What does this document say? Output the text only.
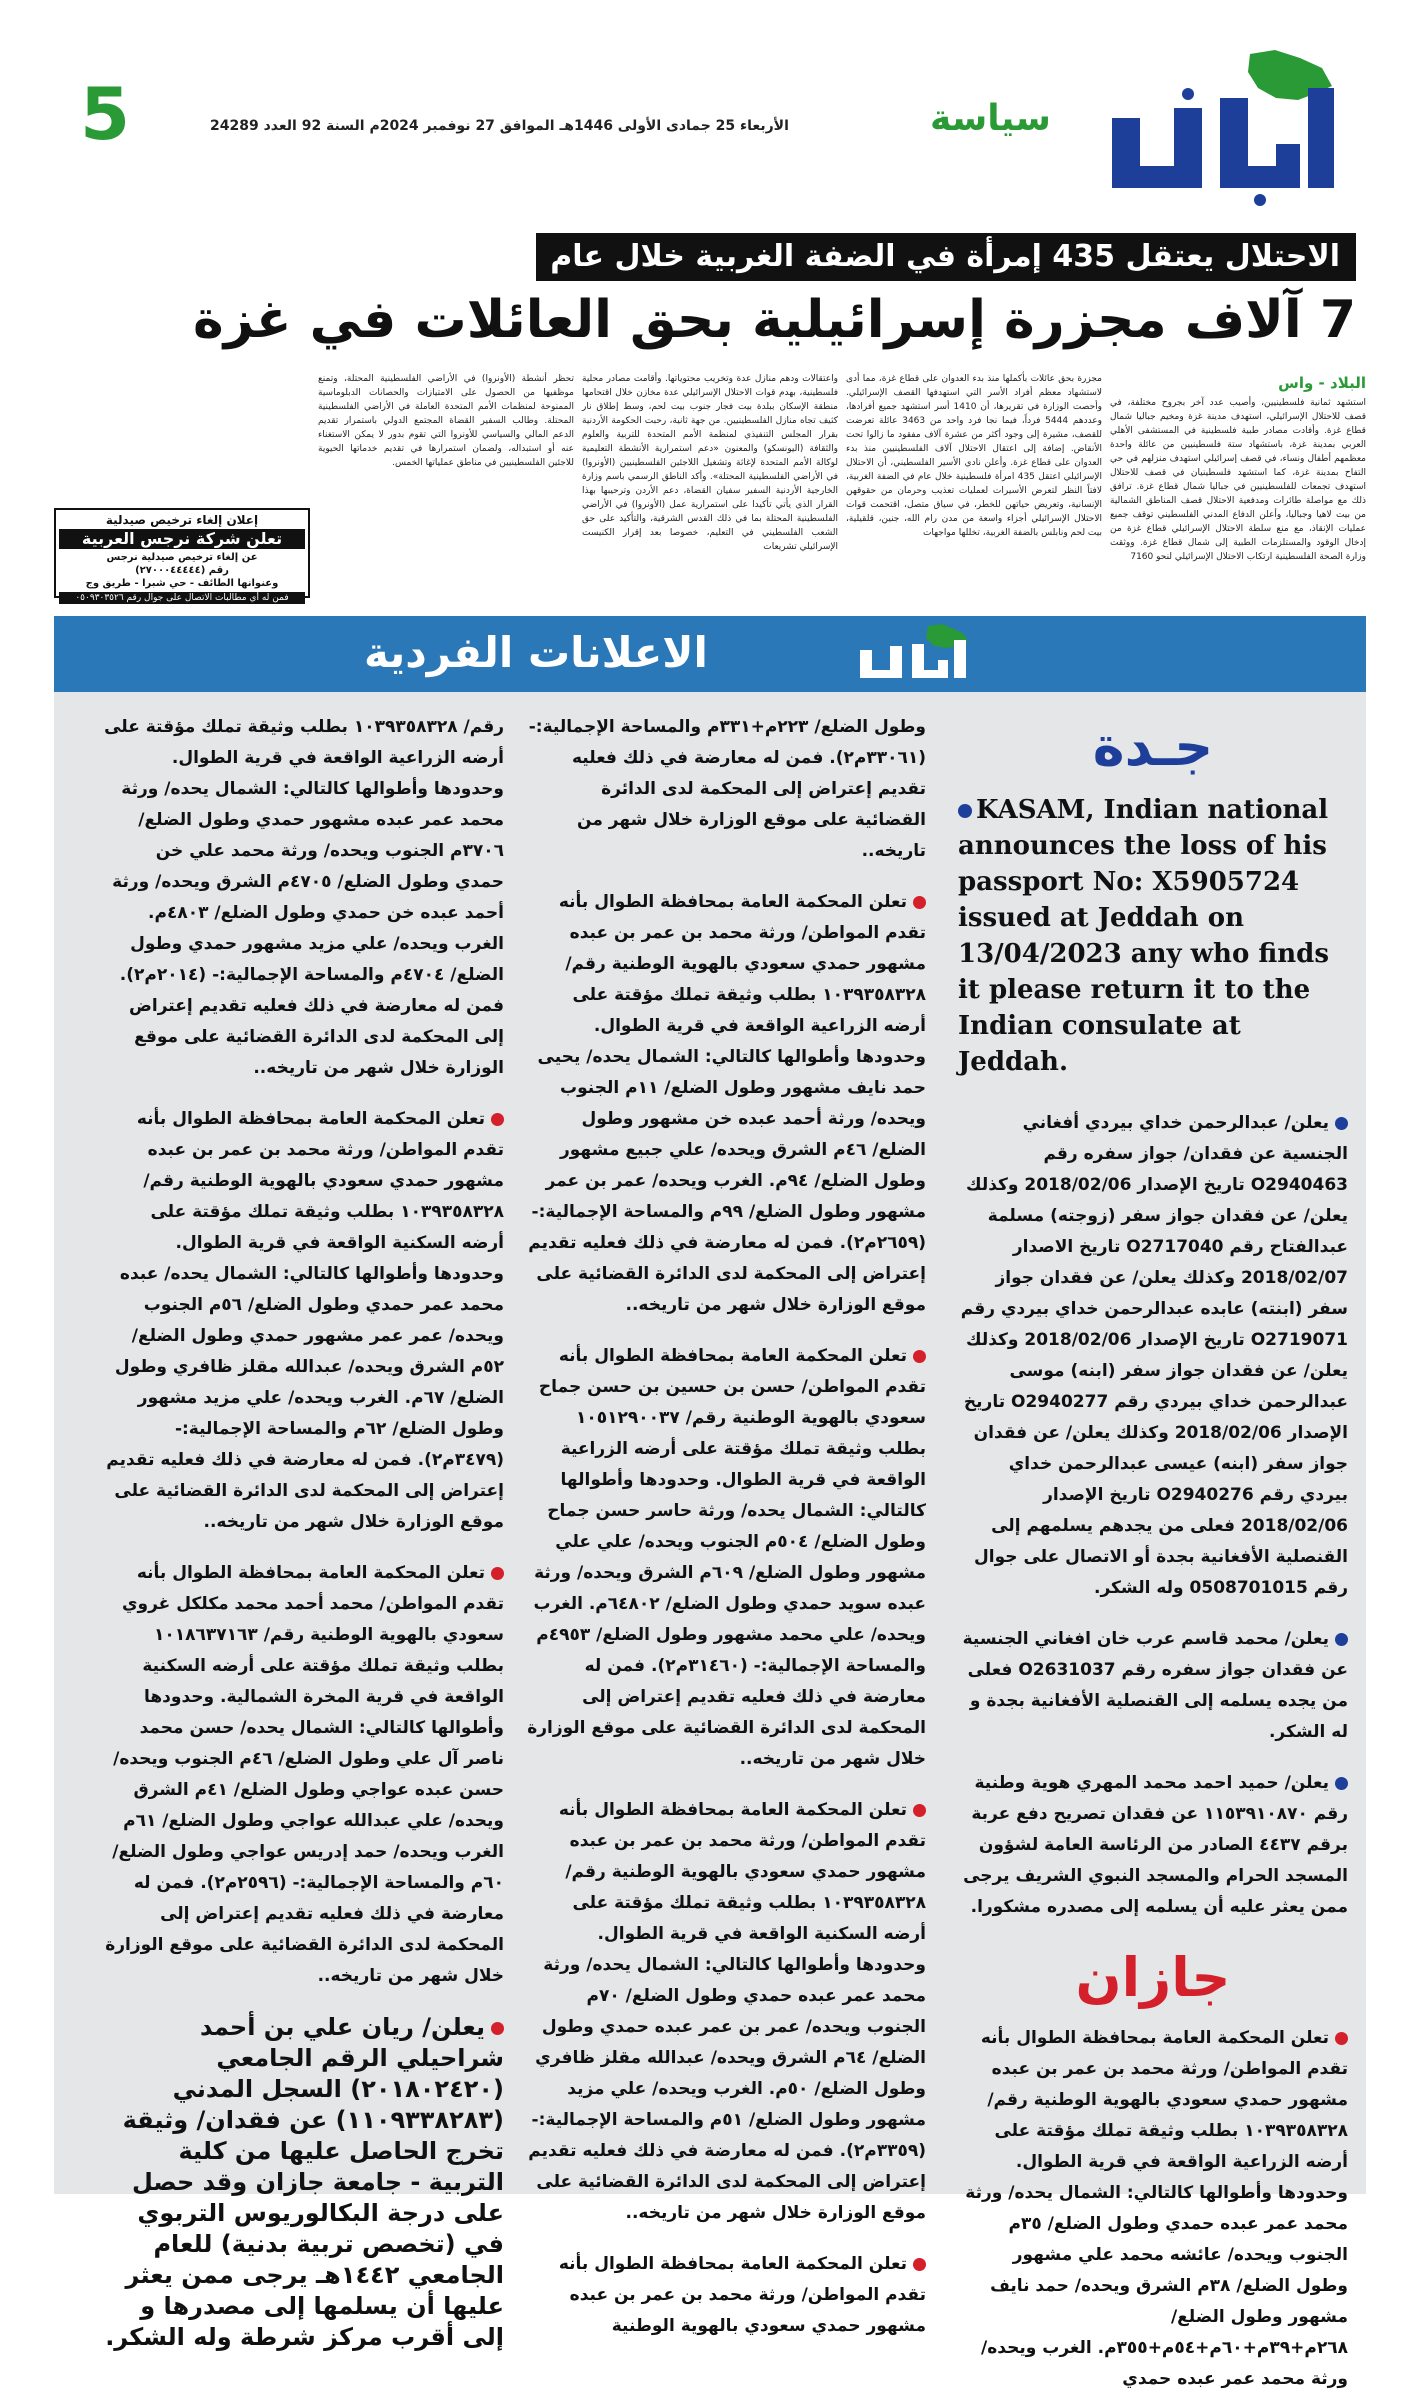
سياسة
الأربعاء 25 جمادى الأولى 1446هـ الموافق 27 نوفمبر 2024م السنة 92 العدد 24289
5
الاحتلال يعتقل 435 إمرأة في الضفة الغربية خلال عام
7 آلاف مجزرة إسرائيلية بحق العائلات في غزة
البلاد - واس
استشهد ثمانية فلسطينيين، وأصيب عدد آخر بجروح مختلفة، في قصف للاحتلال الإسرائيلي، استهدف مدينة غزة ومخيم جباليا شمال قطاع غزة. وأفادت مصادر طبية فلسطينية في المستشفى الأهلي العربي بمدينة غزة، باستشهاد ستة فلسطينيين من عائلة واحدة معظمهم أطفال ونساء، في قصف إسرائيلي استهدف منزلهم في حي التفاح بمدينة غزة، كما استشهد فلسطينيان في قصف للاحتلال استهدف تجمعات للفلسطينيين في جباليا شمال قطاع غزة. ترافق ذلك مع مواصلة طائرات ومدفعية الاحتلال قصف المناطق الشمالية من بيت لاهيا وجباليا، وأعلن الدفاع المدني الفلسطيني توقف جميع عمليات الإنقاذ، مع منع سلطة الاحتلال الإسرائيلي قطاع غزة من إدخال الوقود والمستلزمات الطبية إلى شمال قطاع غزة. ووثقت وزارة الصحة الفلسطينية ارتكاب الاحتلال الإسرائيلي لنحو 7160
مجزرة بحق عائلات بأكملها منذ بدء العدوان على قطاع غزة، مما أدى لاستشهاد معظم أفراد الأسر التي استهدفها القصف الإسرائيلي. وأحصت الوزارة في تقريرها، أن 1410 أسر استشهد جميع أفرادها، وعددهم 5444 فرداً، فيما نجا فرد واحد من 3463 عائلة تعرضت للقصف، مشيرة إلى وجود أكثر من عشرة آلاف مفقود ما زالوا تحت الأنقاض. إضافة إلى اعتقال الاحتلال آلاف الفلسطينيين منذ بدء العدوان على قطاع غزة. وأعلن نادي الأسير الفلسطيني، أن الاحتلال الإسرائيلي اعتقل 435 امرأة فلسطينية خلال عام في الضفة الغربية، لافتاً النظر لتعرض الأسيرات لعمليات تعذيب وحرمان من حقوقهن الإنسانية، وتعريض حياتهن للخطر، في سياق متصل، اقتحمت قوات الاحتلال الإسرائيلي أجزاء واسعة من مدن رام الله، جنين، قلقيلية، بيت لحم ونابلس بالضفة الغربية، تخللها مواجهات
واعتقالات ودهم منازل عدة وتخريب محتوياتها. وأقامت مصادر محلية فلسطينية، بهدم قوات الاحتلال الإسرائيلي عدة مخازن خلال اقتحامها منطقة الإسكان ببلدة بيت فجار جنوب بيت لحم، وسط إطلاق نار كثيف تجاه منازل الفلسطينيين. من جهة ثانية، رحبت الحكومة الأردنية بقرار المجلس التنفيذي لمنظمة الأمم المتحدة للتربية والعلوم والثقافة (اليونسكو) والمعنون «دعم استمرارية الأنشطة التعليمية لوكالة الأمم المتحدة لإغاثة وتشغيل اللاجئين الفلسطينيين (الأونروا) في الأراضي الفلسطينية المحتلة». وأكد الناطق الرسمي باسم وزارة الخارجية الأردنية السفير سفيان القضاة، دعم الأردن وترحيبها بهذا القرار الذي يأتي تأكيدا على استمرارية عمل (الأونروا) في الأراضي الفلسطينية المحتلة بما في ذلك القدس الشرقية، والتأكيد على حق الشعب الفلسطيني في التعليم، خصوصا بعد إقرار الكنيست الإسرائيلي تشريعات
تحظر أنشطة (الأونروا) في الأراضي الفلسطينية المحتلة، وتمنع موظفيها من الحصول على الامتيازات والحصانات الدبلوماسية الممنوحة لمنظمات الأمم المتحدة العاملة في الأراضي الفلسطينية المحتلة. وطالب السفير القضاة المجتمع الدولي باستمرار تقديم الدعم المالي والسياسي للأونروا التي تقوم بدور لا يمكن الاستغناء عنه أو استبداله، ولضمان استمرارها في تقديم خدماتها الحيوية للاجئين الفلسطينيين في مناطق عملياتها الخمس.
إعلان إلغاء ترخيص صيدلية
تعلن شركة نرجس العربية
عن إلغاء ترخيص صيدلية نرجس
رقم (٢٧٠٠٠٤٤٤٤٤)
وعنوانها الطائف - حي شبرا - طريق وج
فمن له أي مطالبات الاتصال على جوال رقم ٠٥٠٩٣٠٣٥٢٦
الاعلانات الفردية
جـدة
KASAM, Indian national announces the loss of his passport No: X5905724 issued at Jeddah on 13/04/2023 any who finds it please return it to the Indian consulate at Jeddah.
يعلن/ عبدالرحمن خداي بيردي أفغاني الجنسية عن فقدان/ جواز سفره رقم O2940463 تاريخ الإصدار 2018/02/06 وكذلك يعلن/ عن فقدان جواز سفر (زوجته) مسلمة عبدالفتاح رقم O2717040 تاريخ الاصدار 2018/02/07 وكذلك يعلن/ عن فقدان جواز سفر (ابنته) عابده عبدالرحمن خداي بيردي رقم O2719071 تاريخ الإصدار 2018/02/06 وكذلك يعلن/ عن فقدان جواز سفر (ابنه) موسى عبدالرحمن خداي بيردي رقم O2940277 تاريخ الإصدار 2018/02/06 وكذلك يعلن/ عن فقدان جواز سفر (ابنه) عيسى عبدالرحمن خداي بيردي رقم O2940276 تاريخ الإصدار 2018/02/06 فعلى من يجدهم يسلمهم إلى القنصلية الأفغانية بجدة أو الاتصال على جوال رقم 0508701015 وله الشكر.
يعلن/ محمد قاسم عرب خان افغاني الجنسية عن فقدان جواز سفره رقم O2631037 فعلى من يجده يسلمه إلى القنصلية الأفغانية بجدة و له الشكر.
يعلن/ حميد احمد محمد المهري هوية وطنية رقم ١١٥٣٩١٠٨٧٠ عن فقدان تصريح دفع عربة برقم ٤٤٣٧ الصادر من الرئاسة العامة لشؤون المسجد الحرام والمسجد النبوي الشريف يرجى ممن يعثر عليه أن يسلمه إلى مصدره مشكورا.
جازان
تعلن المحكمة العامة بمحافظة الطوال بأنه تقدم المواطن/ ورثة محمد بن عمر بن عبده مشهور حمدي سعودي بالهوية الوطنية رقم/ ١٠٣٩٣٥٨٣٢٨ بطلب وثيقة تملك مؤقتة على أرضه الزراعية الواقعة في قرية الطوال. وحدودها وأطوالها كالتالي: الشمال يحده/ ورثة محمد عمر عبده حمدي وطول الضلع/ ٣٥م الجنوب ويحده/ عائشه محمد علي مشهور وطول الضلع/ ٣٨م الشرق ويحده/ حمد نايف مشهور وطول الضلع/ ٢٦٨م+٣٩م+٦٠م+٥٤م+٣٥٥م. الغرب ويحده/ ورثة محمد عمر عبده حمدي
وطول الضلع/ ٢٢٣م+٣٣١م والمساحة الإجمالية:- (٣٣٠٦١م٢). فمن له معارضة في ذلك فعليه تقديم إعتراض إلى المحكمة لدى الدائرة القضائية على موقع الوزارة خلال شهر من تاريخه..
تعلن المحكمة العامة بمحافظة الطوال بأنه تقدم المواطن/ ورثة محمد بن عمر بن عبده مشهور حمدي سعودي بالهوية الوطنية رقم/ ١٠٣٩٣٥٨٣٢٨ بطلب وثيقة تملك مؤقتة على أرضه الزراعية الواقعة في قرية الطوال. وحدودها وأطوالها كالتالي: الشمال يحده/ يحيى حمد نايف مشهور وطول الضلع/ ١١م الجنوب ويحده/ ورثة أحمد عبده خن مشهور وطول الضلع/ ٤٦م الشرق ويحده/ علي جبيع مشهور وطول الضلع/ ٩٤م. الغرب ويحده/ عمر بن عمر مشهور وطول الضلع/ ٩٩م والمساحة الإجمالية:- (٢٦٥٩م٢). فمن له معارضة في ذلك فعليه تقديم إعتراض إلى المحكمة لدى الدائرة القضائية على موقع الوزارة خلال شهر من تاريخه..
تعلن المحكمة العامة بمحافظة الطوال بأنه تقدم المواطن/ حسن بن حسين بن حسن جماح سعودي بالهوية الوطنية رقم/ ١٠٥١٢٩٠٠٣٧ بطلب وثيقة تملك مؤقتة على أرضه الزراعية الواقعة في قرية الطوال. وحدودها وأطوالها كالتالي: الشمال يحده/ ورثة حاسر حسن جماح وطول الضلع/ ٥٠٤م الجنوب ويحده/ علي علي مشهور وطول الضلع/ ٦٠٩م الشرق ويحده/ ورثة عبده سويد حمدي وطول الضلع/ ٦٤٨٠٢م. الغرب ويحده/ علي محمد مشهور وطول الضلع/ ٤٩٥٣م والمساحة الإجمالية:- (٣١٤٦٠م٢). فمن له معارضة في ذلك فعليه تقديم إعتراض إلى المحكمة لدى الدائرة القضائية على موقع الوزارة خلال شهر من تاريخه..
تعلن المحكمة العامة بمحافظة الطوال بأنه تقدم المواطن/ ورثة محمد بن عمر بن عبده مشهور حمدي سعودي بالهوية الوطنية رقم/ ١٠٣٩٣٥٨٣٢٨ بطلب وثيقة تملك مؤقتة على أرضه السكنية الواقعة في قرية الطوال. وحدودها وأطوالها كالتالي: الشمال يحده/ ورثة محمد عمر عبده حمدي وطول الضلع/ ٧٠م الجنوب ويحده/ عمر بن عمر عبده حمدي وطول الضلع/ ٦٤م الشرق ويحده/ عبدالله مقلز ظافري وطول الضلع/ ٥٠م. الغرب ويحده/ علي مزيد مشهور وطول الضلع/ ٥١م والمساحة الإجمالية:- (٣٣٥٩م٢). فمن له معارضة في ذلك فعليه تقديم إعتراض إلى المحكمة لدى الدائرة القضائية على موقع الوزارة خلال شهر من تاريخه..
تعلن المحكمة العامة بمحافظة الطوال بأنه تقدم المواطن/ ورثة محمد بن عمر بن عبده مشهور حمدي سعودي بالهوية الوطنية
رقم/ ١٠٣٩٣٥٨٣٢٨ بطلب وثيقة تملك مؤقتة على أرضه الزراعية الواقعة في قرية الطوال. وحدودها وأطوالها كالتالي: الشمال يحده/ ورثة محمد عمر عبده مشهور حمدي وطول الضلع/ ٣٧٠٦م الجنوب ويحده/ ورثة محمد علي خن حمدي وطول الضلع/ ٤٧٠٥م الشرق ويحده/ ورثة أحمد عبده خن حمدي وطول الضلع/ ٤٨٠٣م. الغرب ويحده/ علي مزيد مشهور حمدي وطول الضلع/ ٤٧٠٤م والمساحة الإجمالية:- (٢٠١٤م٢). فمن له معارضة في ذلك فعليه تقديم إعتراض إلى المحكمة لدى الدائرة القضائية على موقع الوزارة خلال شهر من تاريخه..
تعلن المحكمة العامة بمحافظة الطوال بأنه تقدم المواطن/ ورثة محمد بن عمر بن عبده مشهور حمدي سعودي بالهوية الوطنية رقم/ ١٠٣٩٣٥٨٣٢٨ بطلب وثيقة تملك مؤقتة على أرضه السكنية الواقعة في قرية الطوال. وحدودها وأطوالها كالتالي: الشمال يحده/ عبده محمد عمر حمدي وطول الضلع/ ٥٦م الجنوب ويحده/ عمر عمر مشهور حمدي وطول الضلع/ ٥٢م الشرق ويحده/ عبدالله مقلز ظافري وطول الضلع/ ٦٧م. الغرب ويحده/ علي مزيد مشهور وطول الضلع/ ٦٢م والمساحة الإجمالية:- (٣٤٧٩م٢). فمن له معارضة في ذلك فعليه تقديم إعتراض إلى المحكمة لدى الدائرة القضائية على موقع الوزارة خلال شهر من تاريخه..
تعلن المحكمة العامة بمحافظة الطوال بأنه تقدم المواطن/ محمد أحمد محمد مكلكل غروي سعودي بالهوية الوطنية رقم/ ١٠١٨٦٣٧١٦٣ بطلب وثيقة تملك مؤقتة على أرضه السكنية الواقعة في قرية المخرة الشمالية. وحدودها وأطوالها كالتالي: الشمال يحده/ حسن محمد ناصر آل علي وطول الضلع/ ٤٦م الجنوب ويحده/ حسن عبده عواجي وطول الضلع/ ٤١م الشرق ويحده/ علي عبدالله عواجي وطول الضلع/ ٦١م الغرب ويحده/ حمد إدريس عواجي وطول الضلع/ ٦٠م والمساحة الإجمالية:- (٢٥٩٦م٢). فمن له معارضة في ذلك فعليه تقديم إعتراض إلى المحكمة لدى الدائرة القضائية على موقع الوزارة خلال شهر من تاريخه..
يعلن/ ريان علي بن أحمد شراحيلي الرقم الجامعي (٢٠١٨٠٢٤٢٠) السجل المدني (١١٠٩٣٣٨٢٨٣) عن فقدان/ وثيقة تخرج الحاصل عليها من كلية التربية - جامعة جازان وقد حصل على درجة البكالوريوس التربوي في (تخصص تربية بدنية) للعام الجامعي ١٤٤٢هـ يرجى ممن يعثر عليها أن يسلمها إلى مصدرها و إلى أقرب مركز شرطة وله الشكر.
